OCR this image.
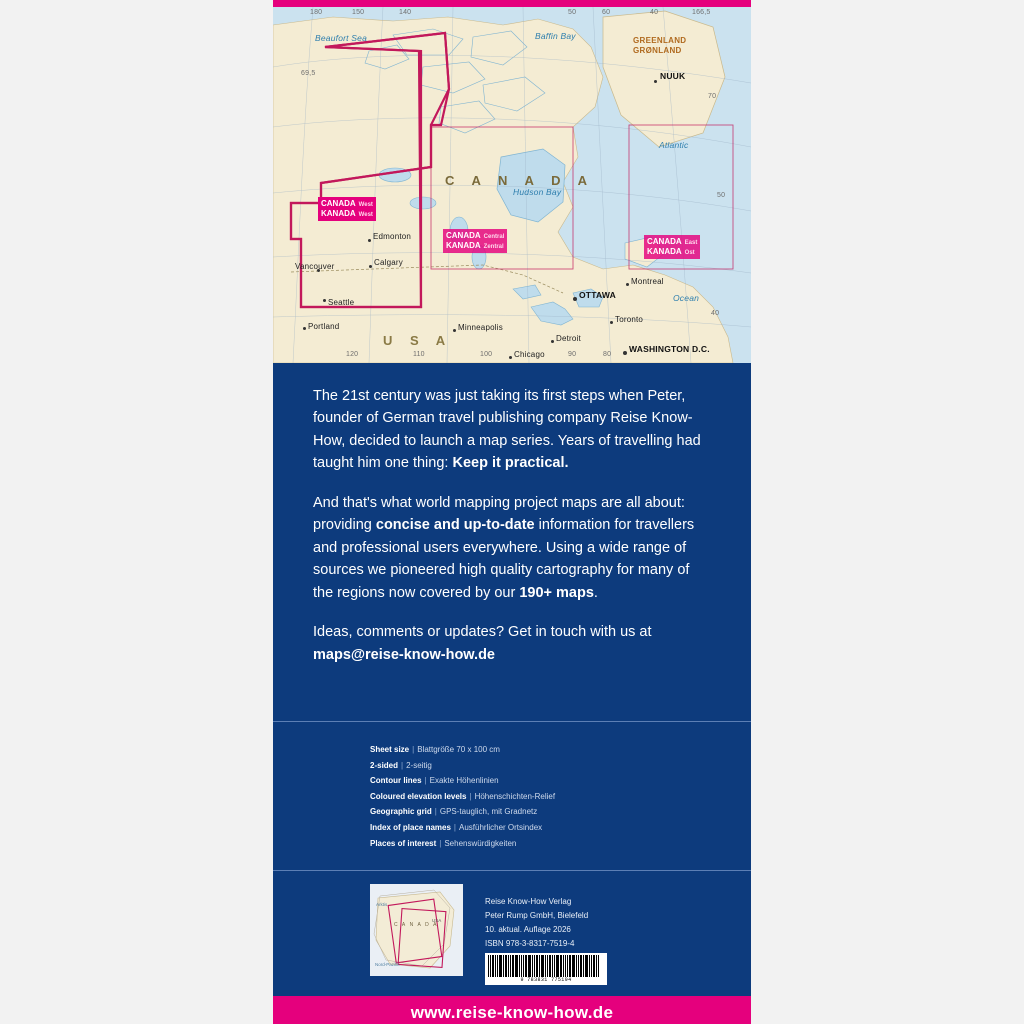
C A N A D A
U S A
Beaufort Sea	Baffin Bay
Hudson Bay
Atlantic
Ocean
GREENLAND
GRØNLAND
NUUK
Edmonton
Calgary
Vancouver
Seattle
Portland	Minneapolis
Chicago
Detroit
Toronto
Montreal
OTTAWA
WASHINGTON D.C.
180	150	140	50	60	40	166,5
69,5
70
50
40
120	110	100	90	80
CANADA West
KANADA West
CANADA Central
KANADA Zentral
CANADA East
KANADA Ost

The 21st century was just taking its first steps when Peter, founder of German travel publishing company Reise Know-How, decided to launch a map series. Years of travelling had taught him one thing: Keep it practical.

And that's what world mapping project maps are all about: providing concise and up-to-date information for travellers and professional users everywhere. Using a wide range of sources we pioneered high quality cartography for many of the regions now covered by our 190+ maps.

Ideas, comments or updates? Get in touch with us at
maps@reise-know-how.de

Sheet size | Blattgröße 70 x 100 cm
2-sided | 2-seitig
Contour lines | Exakte Höhenlinien
Coloured elevation levels | Höhenschichten-Relief
Geographic grid | GPS-tauglich, mit Gradnetz
Index of place names | Ausführlicher Ortsindex
Places of interest | Sehenswürdigkeiten
C A N A D A
Arktis
USA
Nord-Pazifik
Reise Know-How Verlag
Peter Rump GmbH, Bielefeld
10. aktual. Auflage 2026
ISBN 978-3-8317-7519-4
9 783831 775194
www.reise-know-how.de
